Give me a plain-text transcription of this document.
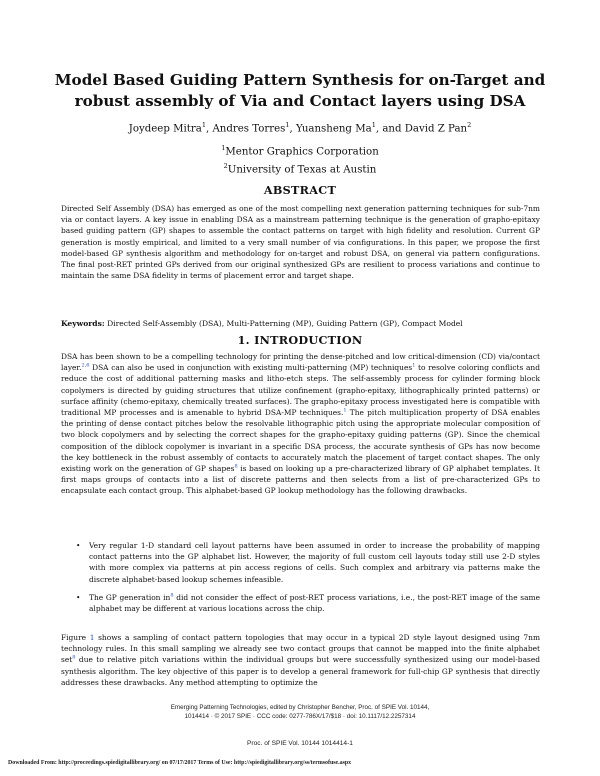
Model Based Guiding Pattern Synthesis for on-Target and robust assembly of Via and Contact layers using DSA
Joydeep Mitra$^1$, Andres Torres$^1$, Yuansheng Ma$^1$, and David Z Pan$^2$
$^1$Mentor Graphics Corporation
$^2$University of Texas at Austin
ABSTRACT

Directed Self Assembly (DSA) has emerged as one of the most compelling next generation patterning techniques for sub-7nm via or contact layers. A key issue in enabling DSA as a mainstream patterning technique is the generation of grapho-epitaxy based guiding pattern (GP) shapes to assemble the contact patterns on target with high fidelity and resolution. Current GP generation is mostly empirical, and limited to a very small number of via configurations. In this paper, we propose the first model-based GP synthesis algorithm and methodology for on-target and robust DSA, on general via pattern configurations. The final post-RET printed GPs derived from our original synthesized GPs are resilient to process variations and continue to maintain the same DSA fidelity in terms of placement error and target shape.

Keywords: Directed Self-Assembly (DSA), Multi-Patterning (MP), Guiding Pattern (GP), Compact Model
1. INTRODUCTION

DSA has been shown to be a compelling technology for printing the dense-pitched and low critical-dimension (CD) via/contact layer.$^{2,6}$ DSA can also be used in conjunction with existing multi-patterning (MP) techniques$^1$ to resolve coloring conflicts and reduce the cost of additional patterning masks and litho-etch steps. The self-assembly process for cylinder forming block copolymers is directed by guiding structures that utilize confinement (grapho-epitaxy, lithographically printed patterns) or surface affinity (chemo-epitaxy, chemically treated surfaces). The grapho-epitaxy process investigated here is compatible with traditional MP processes and is amenable to hybrid DSA-MP techniques.$^1$ The pitch multiplication property of DSA enables the printing of dense contact pitches below the resolvable lithographic pitch using the appropriate molecular composition of two block copolymers and by selecting the correct shapes for the grapho-epitaxy guiding patterns (GP). Since the chemical composition of the diblock copolymer is invariant in a specific DSA process, the accurate synthesis of GPs has now become the key bottleneck in the robust assembly of contacts to accurately match the placement of target contact shapes. The only existing work on the generation of GP shapes$^8$ is based on looking up a pre-characterized library of GP alphabet templates. It first maps groups of contacts into a list of discrete patterns and then selects from a list of pre-characterized GPs to encapsulate each contact group. This alphabet-based GP lookup methodology has the following drawbacks.

• Very regular 1-D standard cell layout patterns have been assumed in order to increase the probability of mapping contact patterns into the GP alphabet list. However, the majority of full custom cell layouts today still use 2-D styles with more complex via patterns at pin access regions of cells. Such complex and arbitrary via patterns make the discrete alphabet-based lookup schemes infeasible.
• The GP generation in$^8$ did not consider the effect of post-RET process variations, i.e., the post-RET image of the same alphabet may be different at various locations across the chip.

Figure 1 shows a sampling of contact pattern topologies that may occur in a typical 2D style layout designed using 7nm technology rules. In this small sampling we already see two contact groups that cannot be mapped into the finite alphabet set$^8$ due to relative pitch variations within the individual groups but were successfully synthesized using our model-based synthesis algorithm. The key objective of this paper is to develop a general framework for full-chip GP synthesis that directly addresses these drawbacks. Any method attempting to optimize the

Emerging Patterning Technologies, edited by Christopher Bencher, Proc. of SPIE Vol. 10144,
1014414 · © 2017 SPIE · CCC code: 0277-786X/17/$18 · doi: 10.1117/12.2257314
Proc. of SPIE Vol. 10144 1014414-1
Downloaded From: http://proceedings.spiedigitallibrary.org/ on 07/17/2017 Terms of Use: http://spiedigitallibrary.org/ss/termsofuse.aspx
